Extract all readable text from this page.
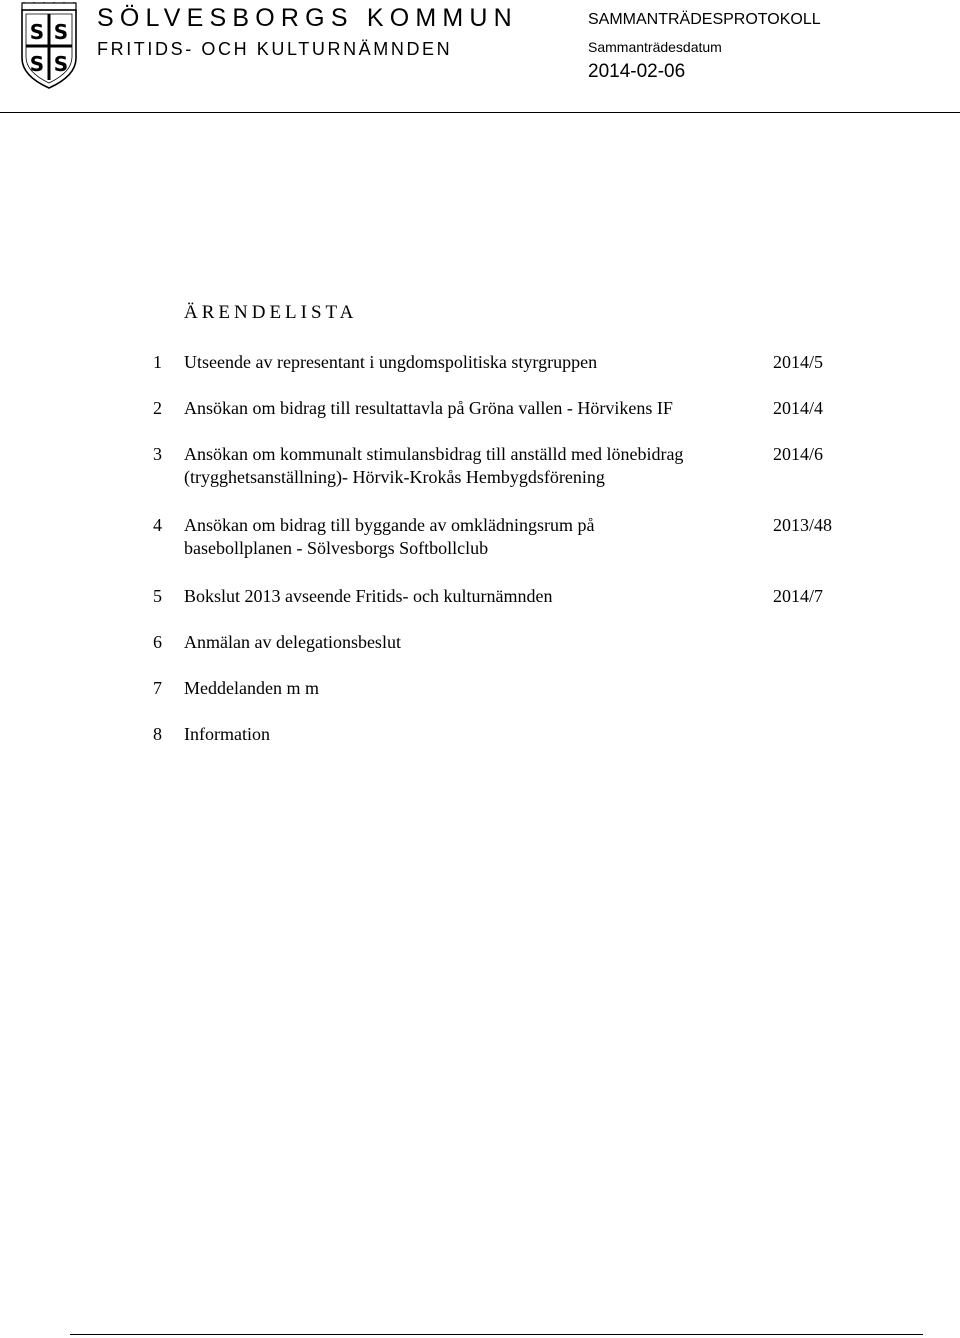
S S
S S
SÖLVESBORGS KOMMUN
FRITIDS- OCH KULTURNÄMNDEN
SAMMANTRÄDESPROTOKOLL
Sammanträdesdatum
2014-02-06
ÄRENDELISTA
1 Utseende av representant i ungdomspolitiska styrgruppen	2014/5
2 Ansökan om bidrag till resultattavla på Gröna vallen - Hörvikens IF	2014/4
3 Ansökan om kommunalt stimulansbidrag till anställd med lönebidrag	2014/6
(trygghetsanställning)- Hörvik-Krokås Hembygdsförening
4 Ansökan om bidrag till byggande av omklädningsrum på	2013/48
basebollplanen - Sölvesborgs Softbollclub
5 Bokslut 2013 avseende Fritids- och kulturnämnden	2014/7
6 Anmälan av delegationsbeslut
7 Meddelanden m m
8 Information
